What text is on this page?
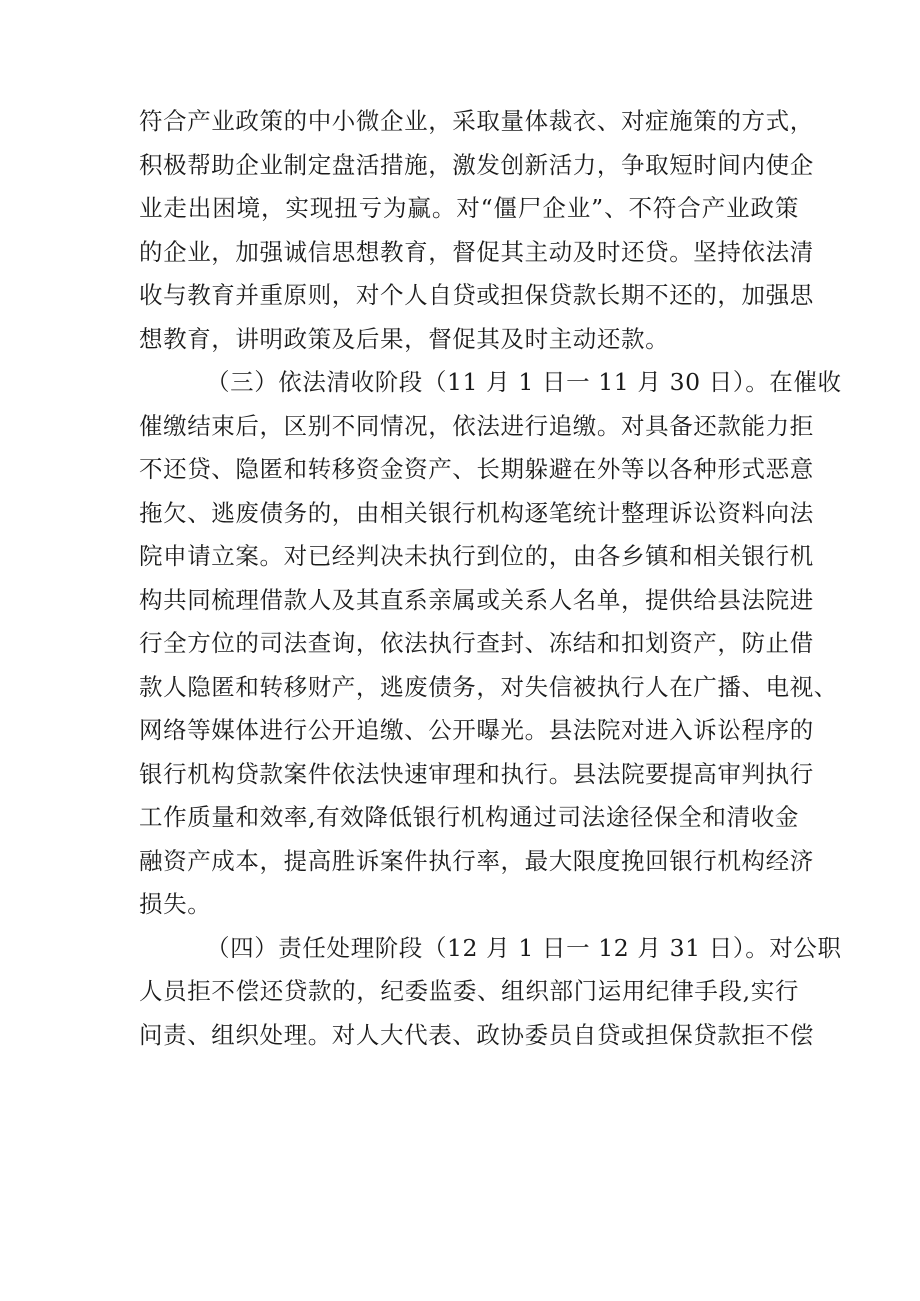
符合产业政策的中小微企业，采取量体裁衣、对症施策的方式，
积极帮助企业制定盘活措施，激发创新活力，争取短时间内使企
业走出困境，实现扭亏为赢。对“僵尸企业”、不符合产业政策
的企业，加强诚信思想教育，督促其主动及时还贷。坚持依法清
收与教育并重原则，对个人自贷或担保贷款长期不还的，加强思
想教育，讲明政策及后果，督促其及时主动还款。
（三）依法清收阶段（11 月 1 日一 11 月 30 日）。在催收
催缴结束后，区别不同情况，依法进行追缴。对具备还款能力拒
不还贷、隐匿和转移资金资产、长期躲避在外等以各种形式恶意
拖欠、逃废债务的，由相关银行机构逐笔统计整理诉讼资料向法
院申请立案。对已经判决未执行到位的，由各乡镇和相关银行机
构共同梳理借款人及其直系亲属或关系人名单，提供给县法院进
行全方位的司法查询，依法执行查封、冻结和扣划资产，防止借
款人隐匿和转移财产，逃废债务，对失信被执行人在广播、电视、
网络等媒体进行公开追缴、公开曝光。县法院对进入诉讼程序的
银行机构贷款案件依法快速审理和执行。县法院要提高审判执行
工作质量和效率,有效降低银行机构通过司法途径保全和清收金
融资产成本，提高胜诉案件执行率，最大限度挽回银行机构经济
损失。
（四）责任处理阶段（12 月 1 日一 12 月 31 日）。对公职
人员拒不偿还贷款的，纪委监委、组织部门运用纪律手段,实行
问责、组织处理。对人大代表、政协委员自贷或担保贷款拒不偿
